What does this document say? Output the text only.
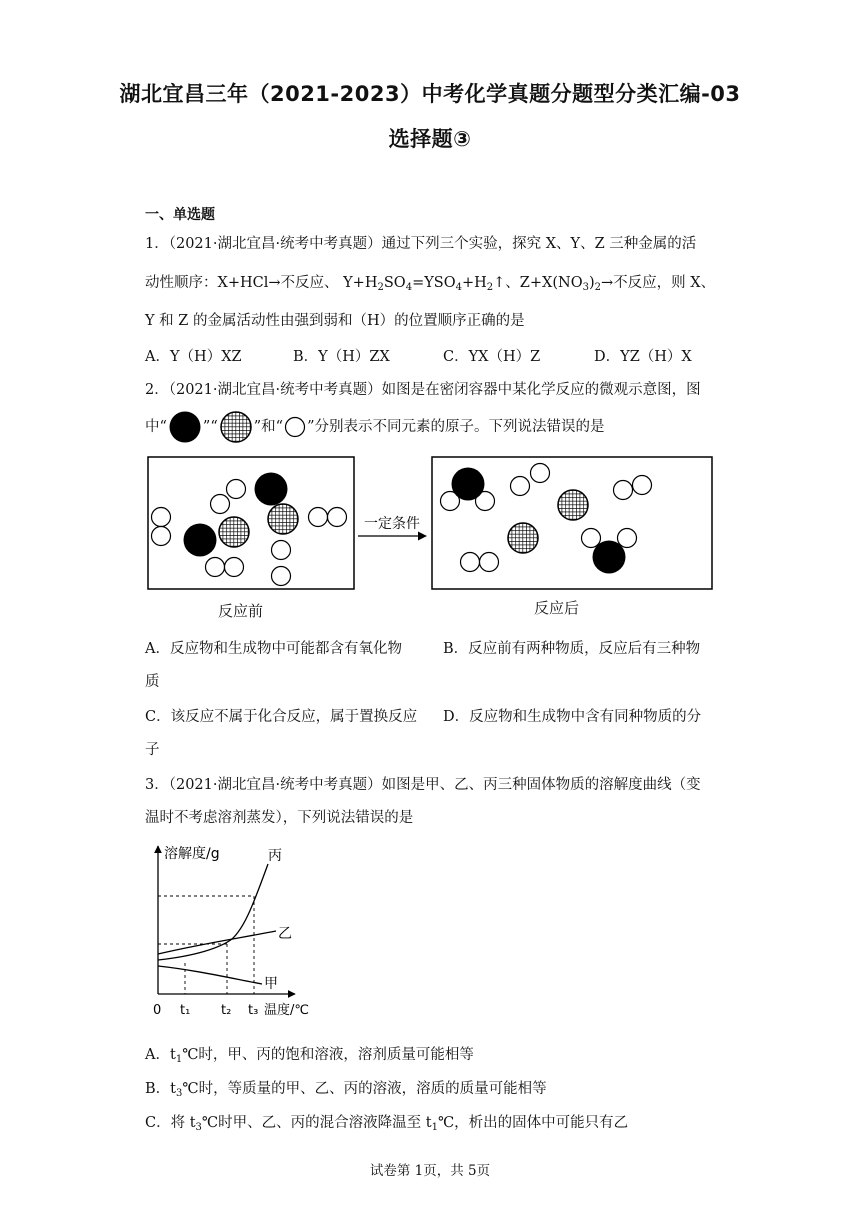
湖北宜昌三年（2021-2023）中考化学真题分题型分类汇编-03
选择题③
一、单选题
1．（2021·湖北宜昌·统考中考真题）通过下列三个实验，探究 X、Y、Z 三种金属的活
动性顺序：X+HCl→不反应、 $Y+H_2SO_4=YSO_4+H_2↑$、$Z+X(NO_3)_2\to$不反应，则 X、
Y 和 Z 的金属活动性由强到弱和（H）的位置顺序正确的是
A．Y（H）XZ	B．Y（H）ZX	C．YX（H）Z	D．YZ（H）X
2．（2021·湖北宜昌·统考中考真题）如图是在密闭容器中某化学反应的微观示意图，图
中“ ”“ ”和“ ”分别表示不同元素的原子。下列说法错误的是
一定条件
反应前	反应后
A．反应物和生成物中可能都含有氧化物	B．反应前有两种物质，反应后有三种物
质
C．该反应不属于化合反应，属于置换反应 D．反应物和生成物中含有同种物质的分
子
3．（2021·湖北宜昌·统考中考真题）如图是甲、乙、丙三种固体物质的溶解度曲线（变
温时不考虑溶剂蒸发），下列说法错误的是
溶解度/g	丙
乙
甲
0 t₁ t₂ t₃ 温度/℃
A．$t_1℃$时，甲、丙的饱和溶液，溶剂质量可能相等
B．$t_3℃$时，等质量的甲、乙、丙的溶液，溶质的质量可能相等
C．将 $t_3℃$时甲、乙、丙的混合溶液降温至 $t_1℃$，析出的固体中可能只有乙
试卷第 1页，共 5页
